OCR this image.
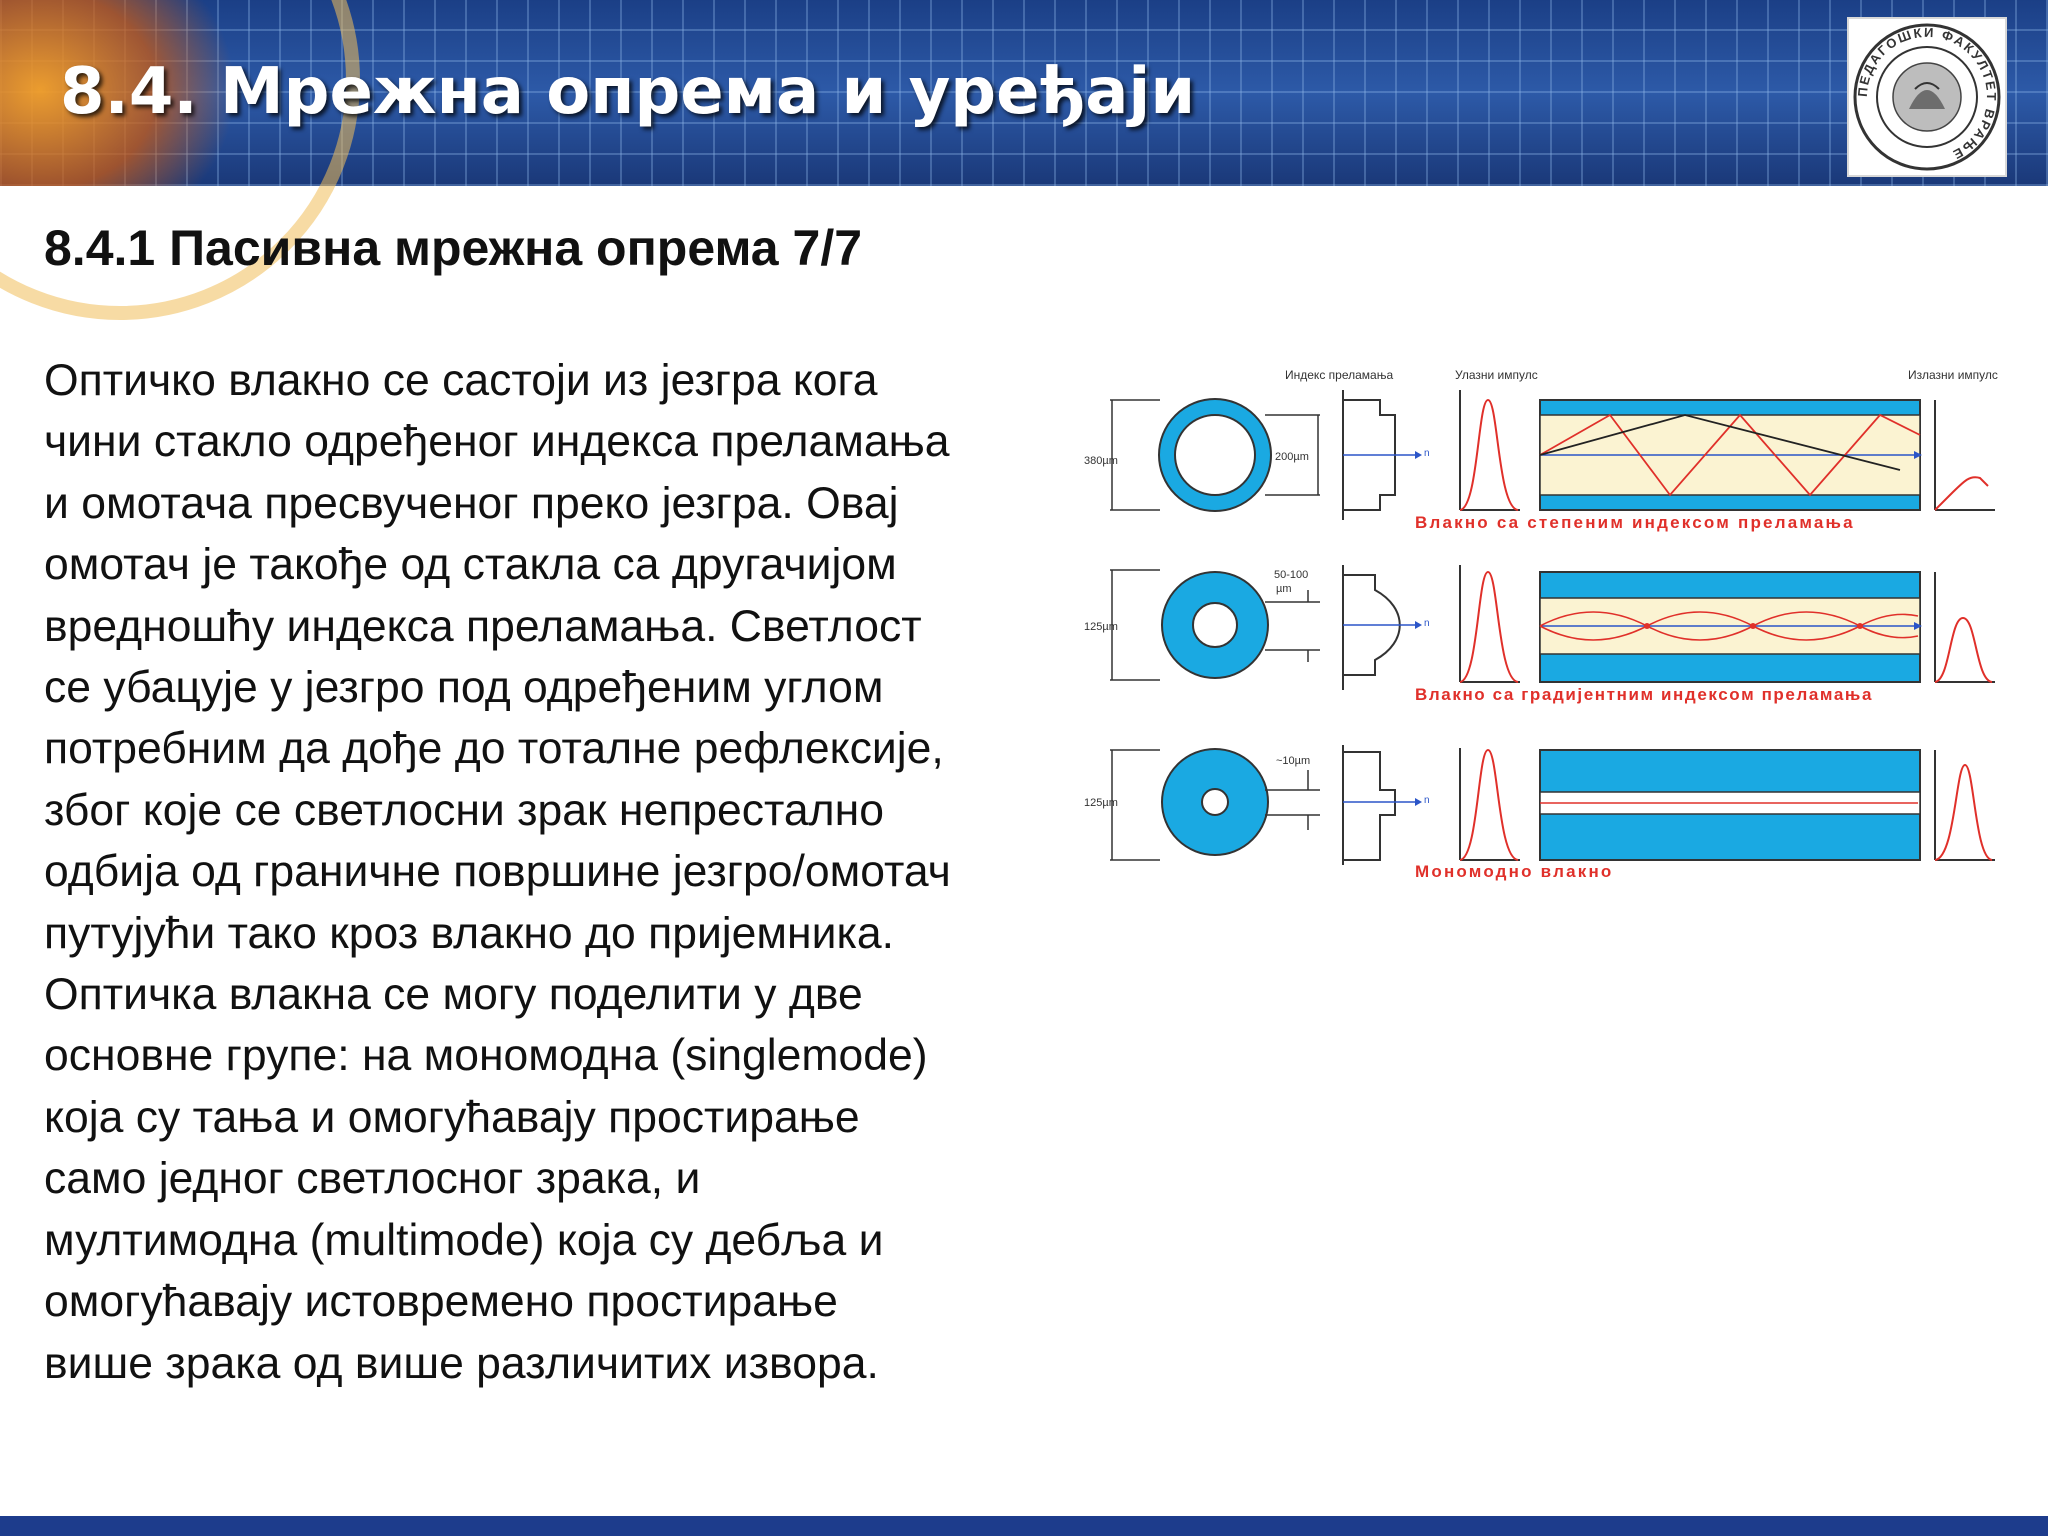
8.4. Мрежна опрема и уређаји	ПЕДАГОШКИ ФАКУЛТЕТ ВРАЊЕ
8.4.1 Пасивна мрежна опрема 7/7

Оптичко влакно се састоји из језгра кога
чини стакло одређеног индекса преламања
и омотача пресвученог преко језгра. Овај
омотач је такође од стакла са другачијом
вредношћу индекса преламања. Светлост
се убацује у језгро под одређеним углом
потребним да дође до тоталне рефлексије,
због које се светлосни зрак непрестално
одбија од граничне површине језгро/омотач
путујући тако кроз влакно до пријемника.
Оптичка влакна се могу поделити у две
основне групе: на мономодна (singlemode)
која су тања и омогућавају простирање
само једног светлосног зрака, и
мултимодна (multimode) која су дебља и
омогућавају истовремено простирање
више зрака од више различитих извора.

Индекс преламања	Улазни импулс	Излазни импулс
380µm	200µm	n
Влакно са степеним индексом преламања
125µm
50-100
µm
n
Влакно са градијентним индексом преламања
125µm
~10µm
n
Мономодно влакно
